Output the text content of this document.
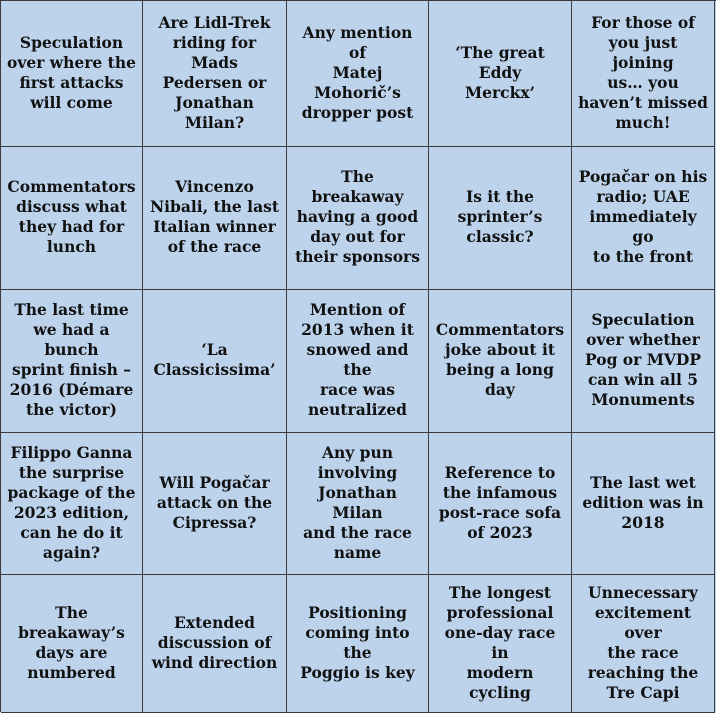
Speculation
over where the
first attacks
will come
Are Lidl-Trek
riding for Mads
Pedersen or
Jonathan
Milan?
Any mention of
Matej
Mohorič’s
dropper post
‘The great Eddy
Merckx’
For those of
you just joining
us… you
haven’t missed
much!
Commentators
discuss what
they had for
lunch
Vincenzo
Nibali, the last
Italian winner
of the race
The breakaway
having a good
day out for
their sponsors
Is it the
sprinter’s
classic?
Pogačar on his
radio; UAE
immediately go
to the front
The last time
we had a bunch
sprint finish –
2016 (Démare
the victor)
‘La
Classicissima’
Mention of
2013 when it
snowed and the
race was
neutralized
Commentators
joke about it
being a long
day
Speculation
over whether
Pog or MVDP
can win all 5
Monuments
Filippo Ganna
the surprise
package of the
2023 edition,
can he do it
again?
Will Pogačar
attack on the
Cipressa?
Any pun
involving
Jonathan Milan
and the race
name
Reference to
the infamous
post-race sofa
of 2023
The last wet
edition was in
2018
The
breakaway’s
days are
numbered
Extended
discussion of
wind direction
Positioning
coming into the
Poggio is key
The longest
professional
one-day race in
modern cycling
Unnecessary
excitement over
the race
reaching the
Tre Capi
